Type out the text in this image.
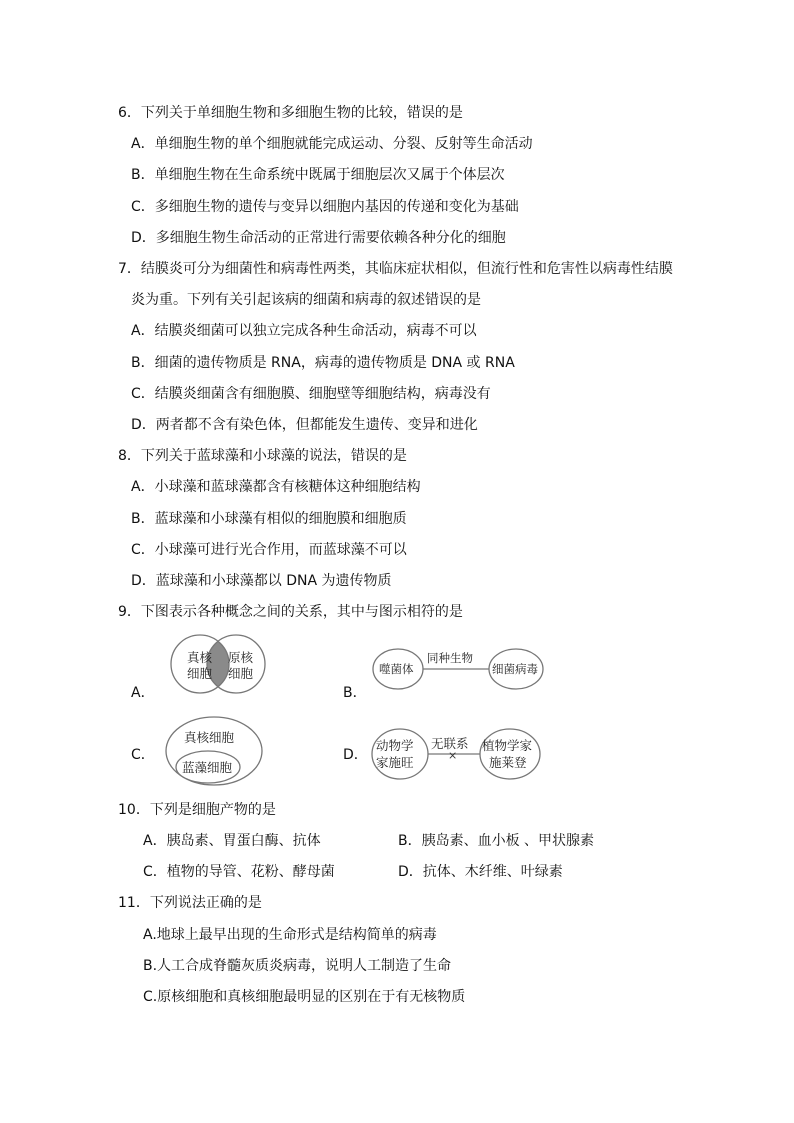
6．下列关于单细胞生物和多细胞生物的比较，错误的是
A．单细胞生物的单个细胞就能完成运动、分裂、反射等生命活动
B．单细胞生物在生命系统中既属于细胞层次又属于个体层次
C．多细胞生物的遗传与变异以细胞内基因的传递和变化为基础
D．多细胞生物生命活动的正常进行需要依赖各种分化的细胞
7．结膜炎可分为细菌性和病毒性两类，其临床症状相似，但流行性和危害性以病毒性结膜
炎为重。下列有关引起该病的细菌和病毒的叙述错误的是
A．结膜炎细菌可以独立完成各种生命活动，病毒不可以
B．细菌的遗传物质是 RNA，病毒的遗传物质是 DNA 或 RNA
C．结膜炎细菌含有细胞膜、细胞壁等细胞结构，病毒没有
D．两者都不含有染色体，但都能发生遗传、变异和进化
8．下列关于蓝球藻和小球藻的说法，错误的是
A．小球藻和蓝球藻都含有核糖体这种细胞结构
B．蓝球藻和小球藻有相似的细胞膜和细胞质
C．小球藻可进行光合作用，而蓝球藻不可以
D．蓝球藻和小球藻都以 DNA 为遗传物质
9．下图表示各种概念之间的关系，其中与图示相符的是
A．
真核
细胞
原核
细胞
B．
噬菌体
同种生物
细菌病毒
C．
真核细胞
蓝藻细胞
D．
动物学
家施旺
无联系
×
植物学家
施莱登
10．下列是细胞产物的是
A．胰岛素、胃蛋白酶、抗体	B．胰岛素、血小板 、甲状腺素
C．植物的导管、花粉、酵母菌	D．抗体、木纤维、叶绿素
11．下列说法正确的是
A.地球上最早出现的生命形式是结构简单的病毒
B.人工合成脊髓灰质炎病毒，说明人工制造了生命
C.原核细胞和真核细胞最明显的区别在于有无核物质
